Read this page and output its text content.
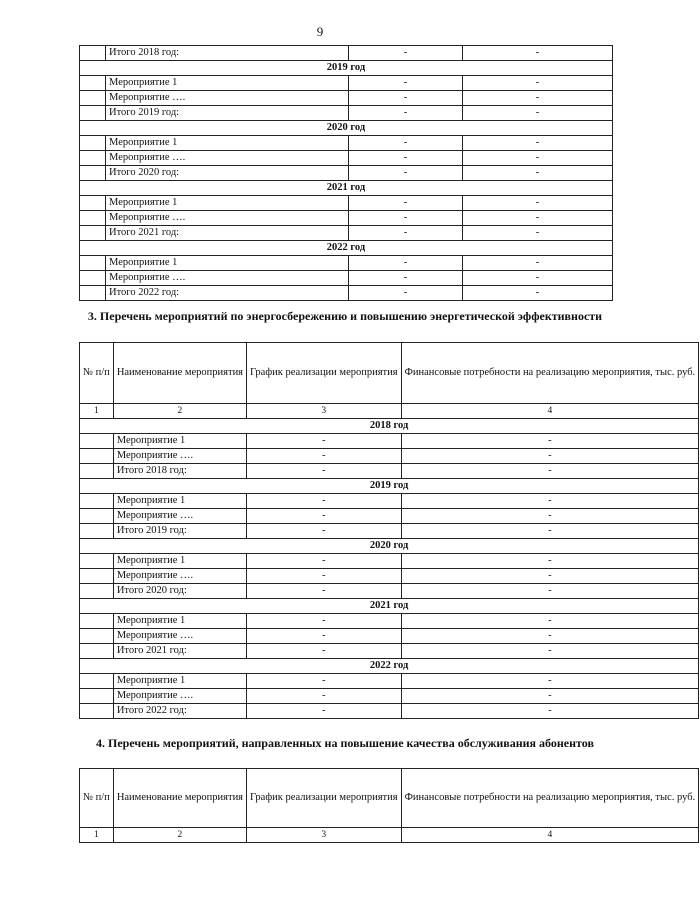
9
	Итого 2018 год:	-	-
2019 год			
	Мероприятие 1	-	-
	Мероприятие ….	-	-
	Итого 2019 год:	-	-
2020 год			
	Мероприятие 1	-	-
	Мероприятие ….	-	-
	Итого 2020 год:	-	-
2021 год			
	Мероприятие 1	-	-
	Мероприятие ….	-	-
	Итого 2021 год:	-	-
2022 год			
	Мероприятие 1	-	-
	Мероприятие ….	-	-
	Итого 2022 год:	-	-
3. Перечень мероприятий по энергосбережению и повышению энергетической эффективности
№ п/п	Наименование мероприятия	График реализации мероприятия	Финансовые потребности на реализацию мероприятия, тыс. руб.
1	2	3	4
2018 год			
	Мероприятие 1	-	-
	Мероприятие ….	-	-
	Итого 2018 год:	-	-
2019 год			
	Мероприятие 1	-	-
	Мероприятие ….	-	-
	Итого 2019 год:	-	-
2020 год			
	Мероприятие 1	-	-
	Мероприятие ….	-	-
	Итого 2020 год:	-	-
2021 год			
	Мероприятие 1	-	-
	Мероприятие ….	-	-
	Итого 2021 год:	-	-
2022 год			
	Мероприятие 1	-	-
	Мероприятие ….	-	-
	Итого 2022 год:	-	-
4. Перечень мероприятий, направленных на повышение качества обслуживания абонентов
№ п/п	Наименование мероприятия	График реализации мероприятия	Финансовые потребности на реализацию мероприятия, тыс. руб.
1	2	3	4
